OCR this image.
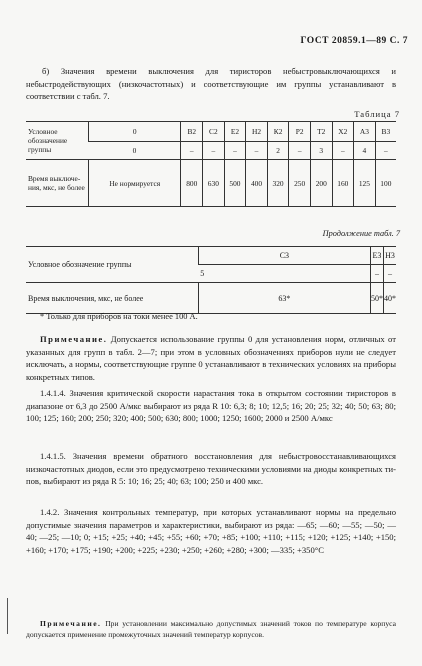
ГОСТ 20859.1—89 С. 7
б) Значения времени выключения для тиристоров небыстровыключающихся и небыстродействующих (низкочастотных) и соответствующие им группы устанавливают в соответствии с табл. 7.
Таблица 7
Условное обозначение группы	0	В2	С2	Е2	Н2	К2	Р2	Т2	Х2	А3	В3
	0	–	–	–	–	2	–	3	–	4	–
Время выключения, мкс, не более	Не нормируется	800	630	500	400	320	250	200	160	125	100
Продолжение табл. 7
Условное обозначение группы	С3	Е3	Н3
	5	–	–
Время выключения, мкс, не более	63*	50*	40*
* Только для приборов на токи менее 100 А.
Примечание. Допускается использование группы 0 для установления норм, отличных от указанных для групп в табл. 2—7; при этом в условных обозначениях приборов нули не следует исключать, а нормы, соответствующие группе 0 устанавливают в технических условиях на приборы конкретных типов.
1.4.1.4. Значения критической скорости нарастания тока в открытом состоянии тиристоров в диапазоне от 6,3 до 2500 А/мкс выбирают из ряда R 10: 6,3; 8; 10; 12,5; 16; 20; 25; 32; 40; 50; 63; 80; 100; 125; 160; 200; 250; 320; 400; 500; 630; 800; 1000; 1250; 1600; 2000 и 2500 А/мкс
1.4.1.5. Значения времени обратного восстановления для небыстровосстанавливающихся низкочастотных диодов, если это предусмотрено техническими условиями на диоды конкретных типов, выбирают из ряда R 5: 10; 16; 25; 40; 63; 100; 250 и 400 мкс.
1.4.2. Значения контрольных температур, при которых устанавливают нормы на предельно допустимые значения параметров и характеристики, выбирают из ряда: —65; —60; —55; —50; —40; —25; —10; 0; +15; +25; +40; +45; +55; +60; +70; +85; +100; +110; +115; +120; +125; +140; +150; +160; +170; +175; +190; +200; +225; +230; +250; +260; +280; +300; —335; +350°С
Примечание. При установлении максимально допустимых значений токов по температуре корпуса допускается применение промежуточных значений температур корпусов.
